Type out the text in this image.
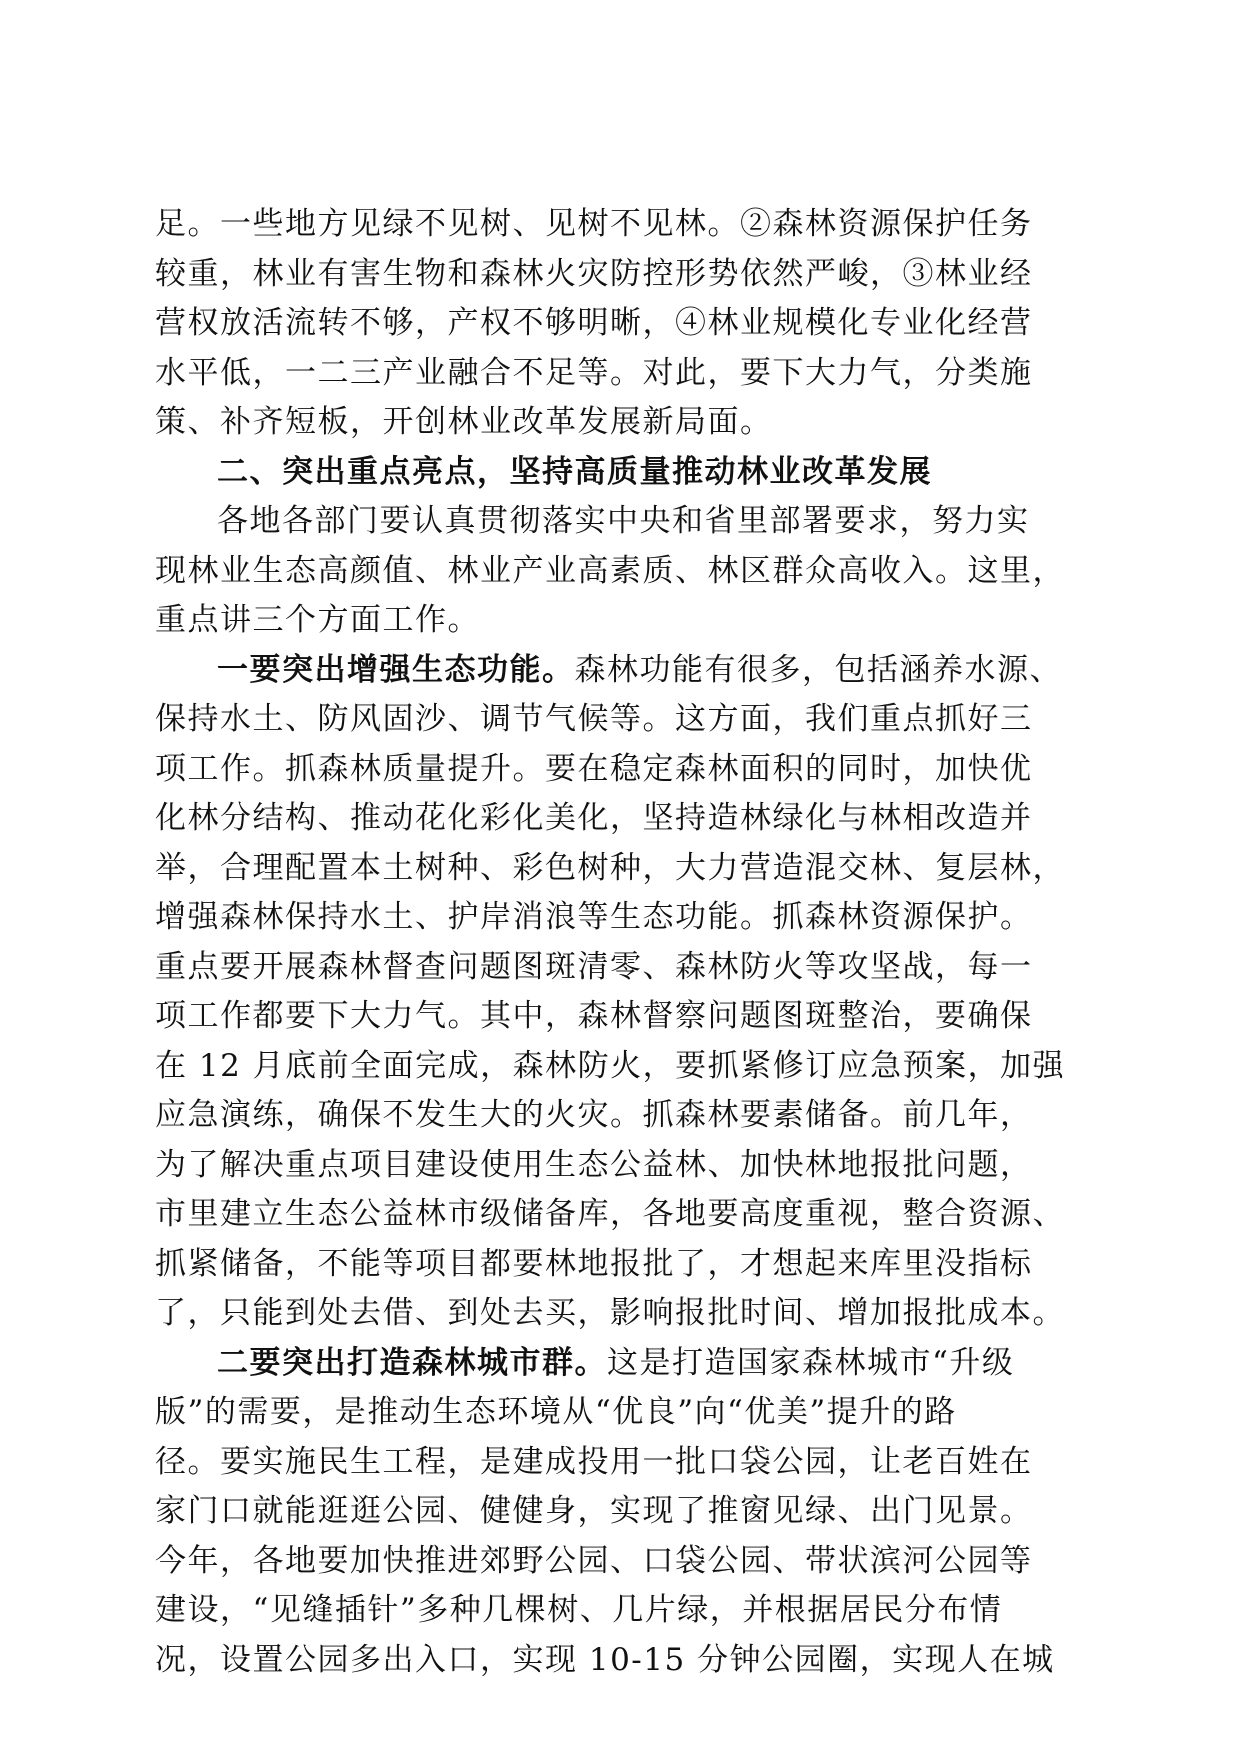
足。一些地方见绿不见树、见树不见林。②森林资源保护任务
较重，林业有害生物和森林火灾防控形势依然严峻，③林业经
营权放活流转不够，产权不够明晰，④林业规模化专业化经营
水平低，一二三产业融合不足等。对此，要下大力气，分类施
策、补齐短板，开创林业改革发展新局面。
二、突出重点亮点，坚持高质量推动林业改革发展
各地各部门要认真贯彻落实中央和省里部署要求，努力实
现林业生态高颜值、林业产业高素质、林区群众高收入。这里，
重点讲三个方面工作。
一要突出增强生态功能。森林功能有很多，包括涵养水源、
保持水土、防风固沙、调节气候等。这方面，我们重点抓好三
项工作。抓森林质量提升。要在稳定森林面积的同时，加快优
化林分结构、推动花化彩化美化，坚持造林绿化与林相改造并
举，合理配置本土树种、彩色树种，大力营造混交林、复层林，
增强森林保持水土、护岸消浪等生态功能。抓森林资源保护。
重点要开展森林督查问题图斑清零、森林防火等攻坚战，每一
项工作都要下大力气。其中，森林督察问题图斑整治，要确保
在 12 月底前全面完成，森林防火，要抓紧修订应急预案，加强
应急演练，确保不发生大的火灾。抓森林要素储备。前几年，
为了解决重点项目建设使用生态公益林、加快林地报批问题，
市里建立生态公益林市级储备库，各地要高度重视，整合资源、
抓紧储备，不能等项目都要林地报批了，才想起来库里没指标
了，只能到处去借、到处去买，影响报批时间、增加报批成本。
二要突出打造森林城市群。这是打造国家森林城市“升级
版”的需要，是推动生态环境从“优良”向“优美”提升的路
径。要实施民生工程，是建成投用一批口袋公园，让老百姓在
家门口就能逛逛公园、健健身，实现了推窗见绿、出门见景。
今年，各地要加快推进郊野公园、口袋公园、带状滨河公园等
建设，“见缝插针”多种几棵树、几片绿，并根据居民分布情
况，设置公园多出入口，实现 10-15 分钟公园圈，实现人在城
